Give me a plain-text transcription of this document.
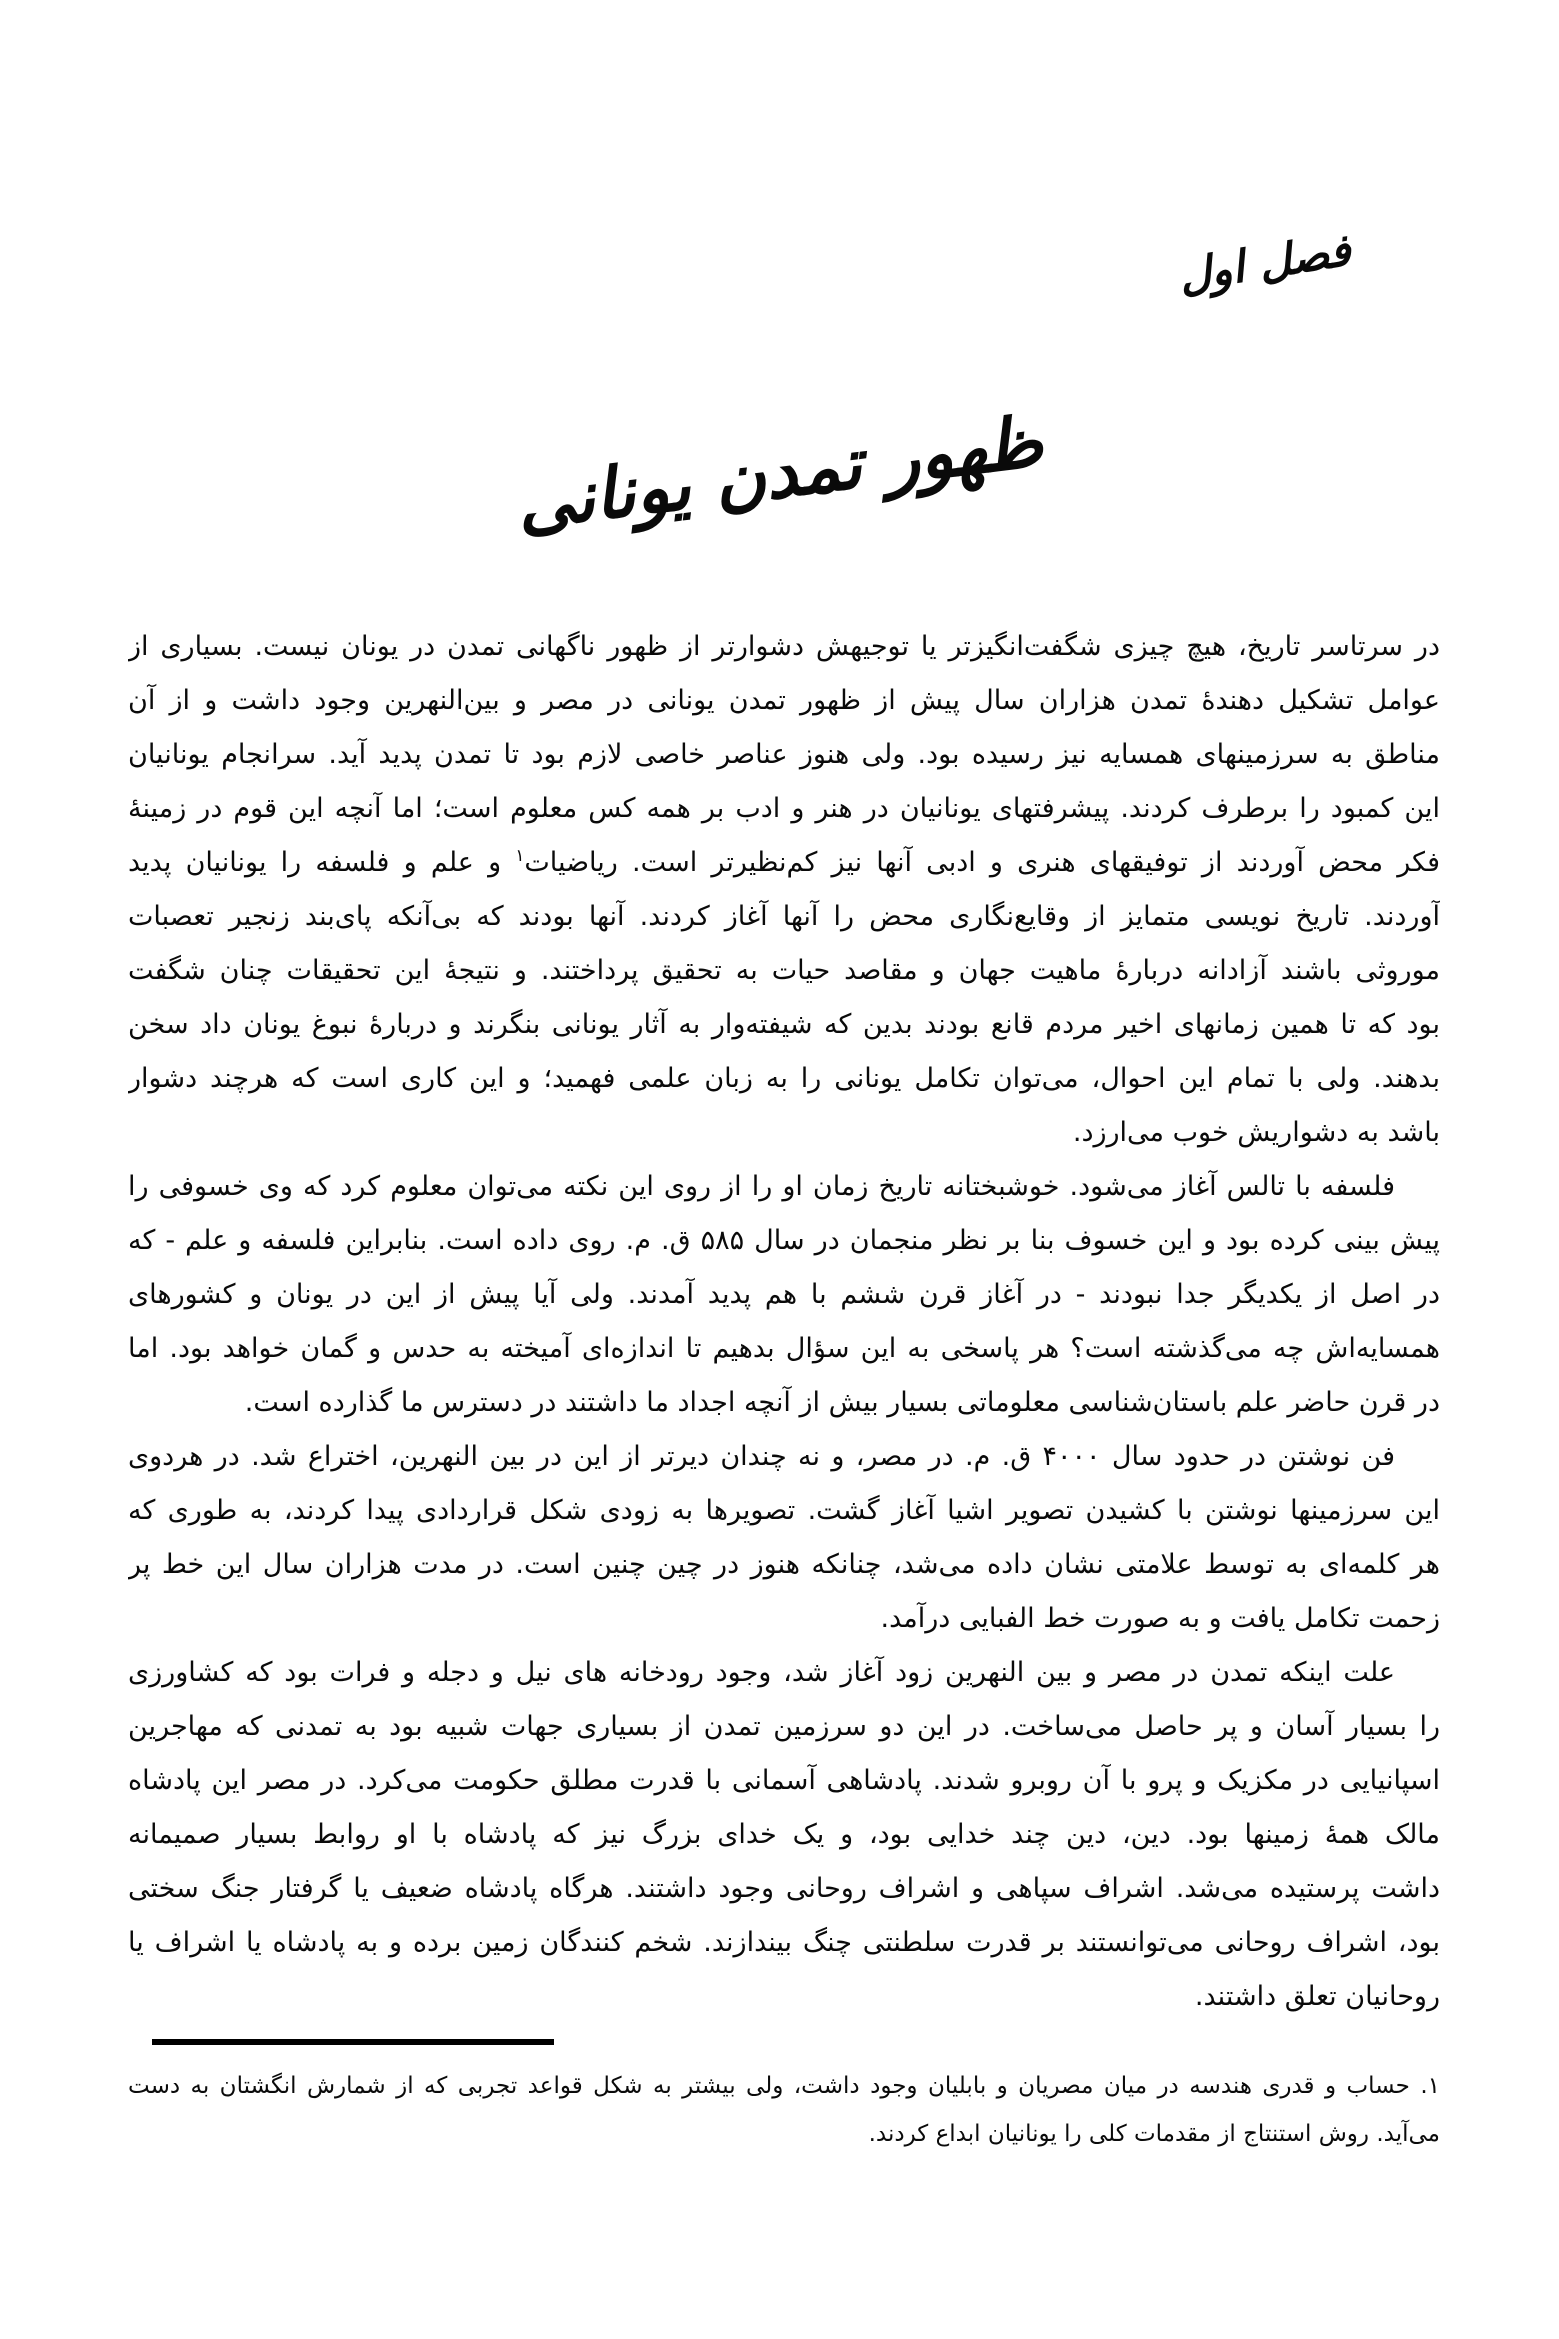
فصل اول
ظهور تمدن یونانی
در سرتاسر تاریخ، هیچ چیزی شگفت‌انگیزتر یا توجیهش دشوارتر از ظهور ناگهانی تمدن در یونان نیست. بسیاری از
عوامل تشکیل دهندهٔ تمدن هزاران سال پیش از ظهور تمدن یونانی در مصر و بین‌النهرین وجود داشت و از آن
مناطق به سرزمینهای همسایه نیز رسیده بود. ولی هنوز عناصر خاصی لازم بود تا تمدن پدید آید. سرانجام یونانیان
این کمبود را برطرف کردند. پیشرفتهای یونانیان در هنر و ادب بر همه کس معلوم است؛ اما آنچه این قوم در زمینهٔ
فکر محض آوردند از توفیقهای هنری و ادبی آنها نیز کم‌نظیرتر است. ریاضیات$^۱$ و علم و فلسفه را یونانیان پدید
آوردند. تاریخ نویسی متمایز از وقایع‌نگاری محض را آنها آغاز کردند. آنها بودند که بی‌آنکه پای‌بند زنجیر تعصبات
موروثی باشند آزادانه دربارهٔ ماهیت جهان و مقاصد حیات به تحقیق پرداختند. و نتیجهٔ این تحقیقات چنان شگفت
بود که تا همین زمانهای اخیر مردم قانع بودند بدین که شیفته‌وار به آثار یونانی بنگرند و دربارهٔ نبوغ یونان داد سخن
بدهند. ولی با تمام این احوال، می‌توان تکامل یونانی را به زبان علمی فهمید؛ و این کاری است که هرچند دشوار
باشد به دشواریش خوب می‌ارزد.
فلسفه با تالس آغاز می‌شود. خوشبختانه تاریخ زمان او را از روی این نکته می‌توان معلوم کرد که وی خسوفی را
پیش بینی کرده بود و این خسوف بنا بر نظر منجمان در سال ۵۸۵ ق. م. روی داده است. بنابراین فلسفه و علم - که
در اصل از یکدیگر جدا نبودند - در آغاز قرن ششم با هم پدید آمدند. ولی آیا پیش از این در یونان و کشورهای
همسایه‌اش چه می‌گذشته است؟ هر پاسخی به این سؤال بدهیم تا اندازه‌ای آمیخته به حدس و گمان خواهد بود. اما
در قرن حاضر علم باستان‌شناسی معلوماتی بسیار بیش از آنچه اجداد ما داشتند در دسترس ما گذارده است.
فن نوشتن در حدود سال ۴۰۰۰ ق. م. در مصر، و نه چندان دیرتر از این در بین النهرین، اختراع شد. در هردوی
این سرزمینها نوشتن با کشیدن تصویر اشیا آغاز گشت. تصویرها به زودی شکل قراردادی پیدا کردند، به طوری که
هر کلمه‌ای به توسط علامتی نشان داده می‌شد، چنانکه هنوز در چین چنین است. در مدت هزاران سال این خط پر
زحمت تکامل یافت و به صورت خط الفبایی درآمد.
علت اینکه تمدن در مصر و بین النهرین زود آغاز شد، وجود رودخانه های نیل و دجله و فرات بود که کشاورزی
را بسیار آسان و پر حاصل می‌ساخت. در این دو سرزمین تمدن از بسیاری جهات شبیه بود به تمدنی که مهاجرین
اسپانیایی در مکزیک و پرو با آن روبرو شدند. پادشاهی آسمانی با قدرت مطلق حکومت می‌کرد. در مصر این پادشاه
مالک همهٔ زمینها بود. دین، دین چند خدایی بود، و یک خدای بزرگ نیز که پادشاه با او روابط بسیار صمیمانه
داشت پرستیده می‌شد. اشراف سپاهی و اشراف روحانی وجود داشتند. هرگاه پادشاه ضعیف یا گرفتار جنگ سختی
بود، اشراف روحانی می‌توانستند بر قدرت سلطنتی چنگ بیندازند. شخم کنندگان زمین برده و به پادشاه یا اشراف یا
روحانیان تعلق داشتند.
۱. حساب و قدری هندسه در میان مصریان و بابلیان وجود داشت، ولی بیشتر به شکل قواعد تجربی که از شمارش انگشتان به دست
می‌آید. روش استنتاج از مقدمات کلی را یونانیان ابداع کردند.
